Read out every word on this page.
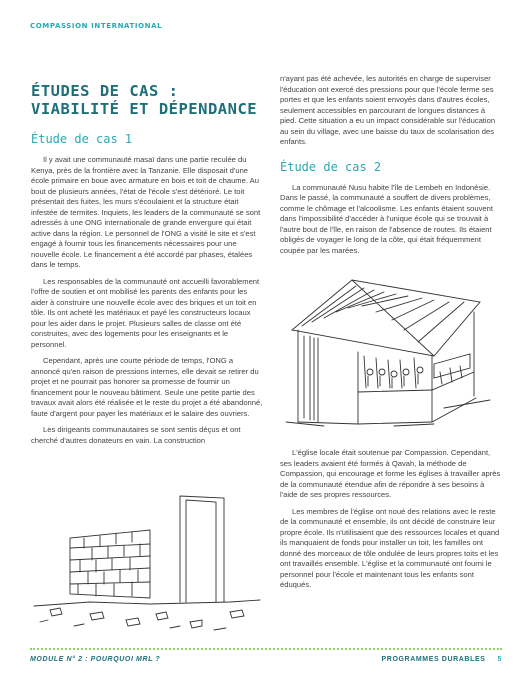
COMPASSION INTERNATIONAL
ÉTUDES DE CAS :
VIABILITÉ ET DÉPENDANCE
Étude de cas 1

Il y avait une communauté masaï dans une partie reculée du Kenya, près de la frontière avec la Tanzanie. Elle disposait d'une école primaire en boue avec armature en bois et toit de chaume. Au bout de plusieurs années, l'état de l'école s'est détérioré. Le toit présentait des fuites, les murs s'écoulaient et la structure était infestée de termites. Inquiets, les leaders de la communauté se sont adressés à une ONG internationale de grande envergure qui était active dans la région. Le personnel de l'ONG a visité le site et s'est engagé à fournir tous les financements nécessaires pour une nouvelle école. Le financement a été accordé par phases, étalées dans le temps.

Les responsables de la communauté ont accueilli favorablement l'offre de soutien et ont mobilisé les parents des enfants pour les aider à construire une nouvelle école avec des briques et un toit en tôle. Ils ont acheté les matériaux et payé les constructeurs locaux pour les aider dans le projet. Plusieurs salles de classe ont été construites, avec des logements pour les enseignants et le personnel.

Cependant, après une courte période de temps, l'ONG a annoncé qu'en raison de pressions internes, elle devait se retirer du projet et ne pourrait pas honorer sa promesse de fournir un financement pour le nouveau bâtiment. Seule une petite partie des travaux avait alors été réalisée et le reste du projet a été abandonné, faute d'argent pour payer les matériaux et le salaire des ouvriers.

Les dirigeants communautaires se sont sentis déçus et ont cherché d'autres donateurs en vain. La construction

n'ayant pas été achevée, les autorités en charge de superviser l'éducation ont exercé des pressions pour que l'école ferme ses portes et que les enfants soient envoyés dans d'autres écoles, seulement accessibles en parcourant de longues distances à pied. Cette situation a eu un impact considérable sur l'éducation au sein du village, avec une baisse du taux de scolarisation des enfants.

Étude de cas 2

La communauté Nusu habite l'île de Lembeh en Indonésie. Dans le passé, la communauté a souffert de divers problèmes, comme le chômage et l'alcoolisme. Les enfants étaient souvent dans l'impossibilité d'accéder à l'unique école qui se trouvait à l'autre bout de l'île, en raison de l'absence de routes. Ils étaient obligés de voyager le long de la côte, qui était fréquemment coupée par les marées.

L'église locale était soutenue par Compassion. Cependant, ses leaders avaient été formés à Qavah, la méthode de Compassion, qui encourage et forme les églises à travailler après de la communauté étendue afin de répondre à ses besoins à l'aide de ses propres ressources.

Les membres de l'église ont noué des relations avec le reste de la communauté et ensemble, ils ont décidé de construire leur propre école. Ils n'utilisaient que des ressources locales et quand ils manquaient de fonds pour installer un toit, les familles ont donné des morceaux de tôle ondulée de leurs propres toits et les ont travaillés ensemble. L'église et la communauté ont fourni le personnel pour l'école et maintenant tous les enfants sont éduqués.

MODULE N° 2 : POURQUOI MRL ?	PROGRAMMES DURABLES 5
